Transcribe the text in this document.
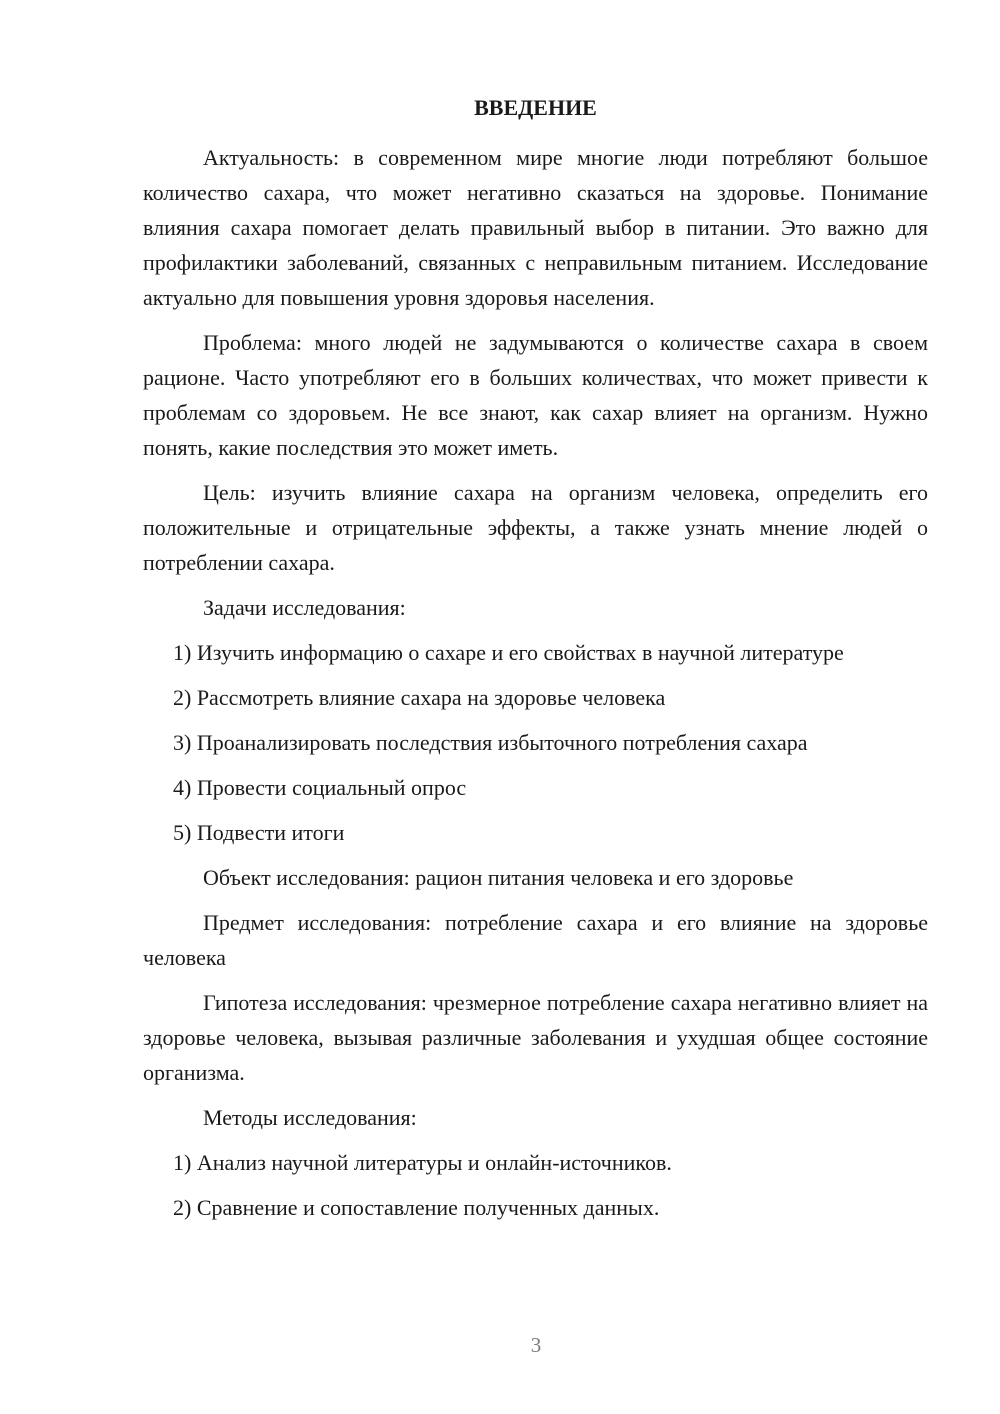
ВВЕДЕНИЕ

Актуальность: в современном мире многие люди потребляют большое количество сахара, что может негативно сказаться на здоровье. Понимание влияния сахара помогает делать правильный выбор в питании. Это важно для профилактики заболеваний, связанных с неправильным питанием. Исследование актуально для повышения уровня здоровья населения.

Проблема: много людей не задумываются о количестве сахара в своем рационе. Часто употребляют его в больших количествах, что может привести к проблемам со здоровьем. Не все знают, как сахар влияет на организм. Нужно понять, какие последствия это может иметь.

Цель: изучить влияние сахара на организм человека, определить его положительные и отрицательные эффекты, а также узнать мнение людей о потреблении сахара.

Задачи исследования:

1) Изучить информацию о сахаре и его свойствах в научной литературе

2) Рассмотреть влияние сахара на здоровье человека

3) Проанализировать последствия избыточного потребления сахара

4) Провести социальный опрос

5) Подвести итоги

Объект исследования: рацион питания человека и его здоровье

Предмет исследования: потребление сахара и его влияние на здоровье человека

Гипотеза исследования: чрезмерное потребление сахара негативно влияет на здоровье человека, вызывая различные заболевания и ухудшая общее состояние организма.

Методы исследования:

1) Анализ научной литературы и онлайн-источников.

2) Сравнение и сопоставление полученных данных.

3
